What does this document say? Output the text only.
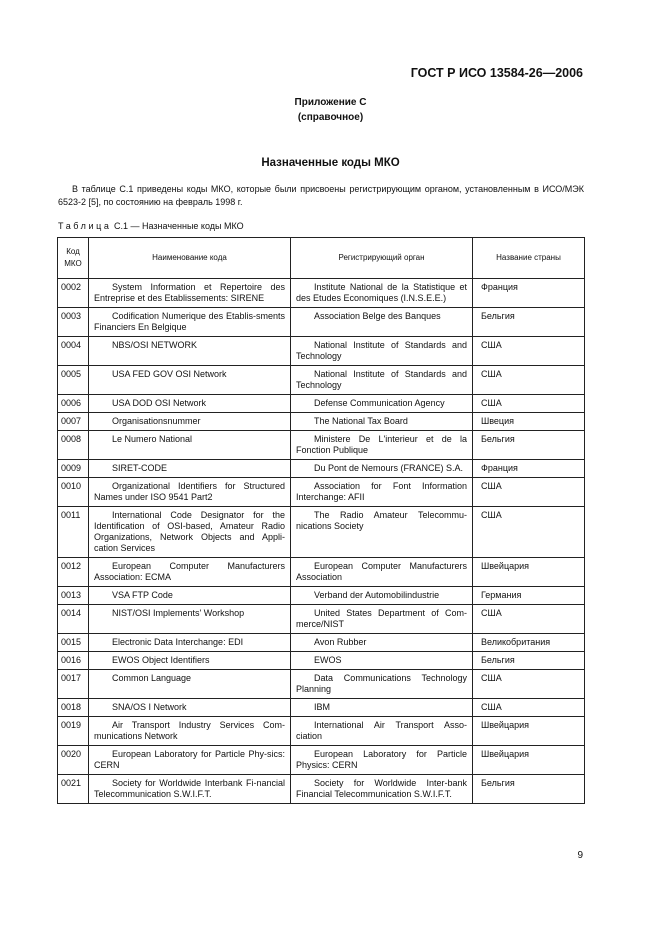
ГОСТ Р ИСО 13584-26—2006
Приложение С
(справочное)
Назначенные коды МКО
В таблице С.1 приведены коды МКО, которые были присвоены регистрирующим органом, установленным в ИСО/МЭК 6523-2 [5], по состоянию на февраль 1998 г.
Таблица С.1 — Назначенные коды МКО
Код МКО	Наименование кода	Регистрирующий орган	Название страны
0002	System Information et Repertoire des Entreprise et des Etablissements: SIRENE	Institute National de la Statistique et des Etudes Economiques (I.N.S.E.E.)	Франция
0003	Codification Numerique des Etablis-sments Financiers En Belgique	Association Belge des Banques	Бельгия
0004	NBS/OSI NETWORK	National Institute of Standards and Technology	США
0005	USA FED GOV OSI Network	National Institute of Standards and Technology	США
0006	USA DOD OSI Network	Defense Communication Agency	США
0007	Organisationsnummer	The National Tax Board	Швеция
0008	Le Numero National	Ministere De L'interieur et de la Fonction Publique	Бельгия
0009	SIRET-CODE	Du Pont de Nemours (FRANCE) S.A.	Франция
0010	Organizational Identifiers for Structured Names under ISO 9541 Part2	Association for Font Information Interchange: AFII	США
0011	International Code Designator for the Identification of OSI-based, Amateur Radio Organizations, Network Objects and Appli-cation Services	The Radio Amateur Telecommu-nications Society	США
0012	European Computer Manufacturers Association: ECMA	European Computer Manufacturers Association	Швейцария
0013	VSA FTP Code	Verband der Automobilindustrie	Германия
0014	NIST/OSI Implements' Workshop	United States Department of Com-merce/NIST	США
0015	Electronic Data Interchange: EDI	Avon Rubber	Великобритания
0016	EWOS Object Identifiers	EWOS	Бельгия
0017	Common Language	Data Communications Technology Planning	США
0018	SNA/OS I Network	IBM	США
0019	Air Transport Industry Services Com-munications Network	International Air Transport Asso-ciation	Швейцария
0020	European Laboratory for Particle Phy-sics: CERN	European Laboratory for Particle Physics: CERN	Швейцария
0021	Society for Worldwide Interbank Fi-nancial Telecommunication S.W.I.F.T.	Society for Worldwide Inter-bank Financial Telecommunication S.W.I.F.T.	Бельгия
9
